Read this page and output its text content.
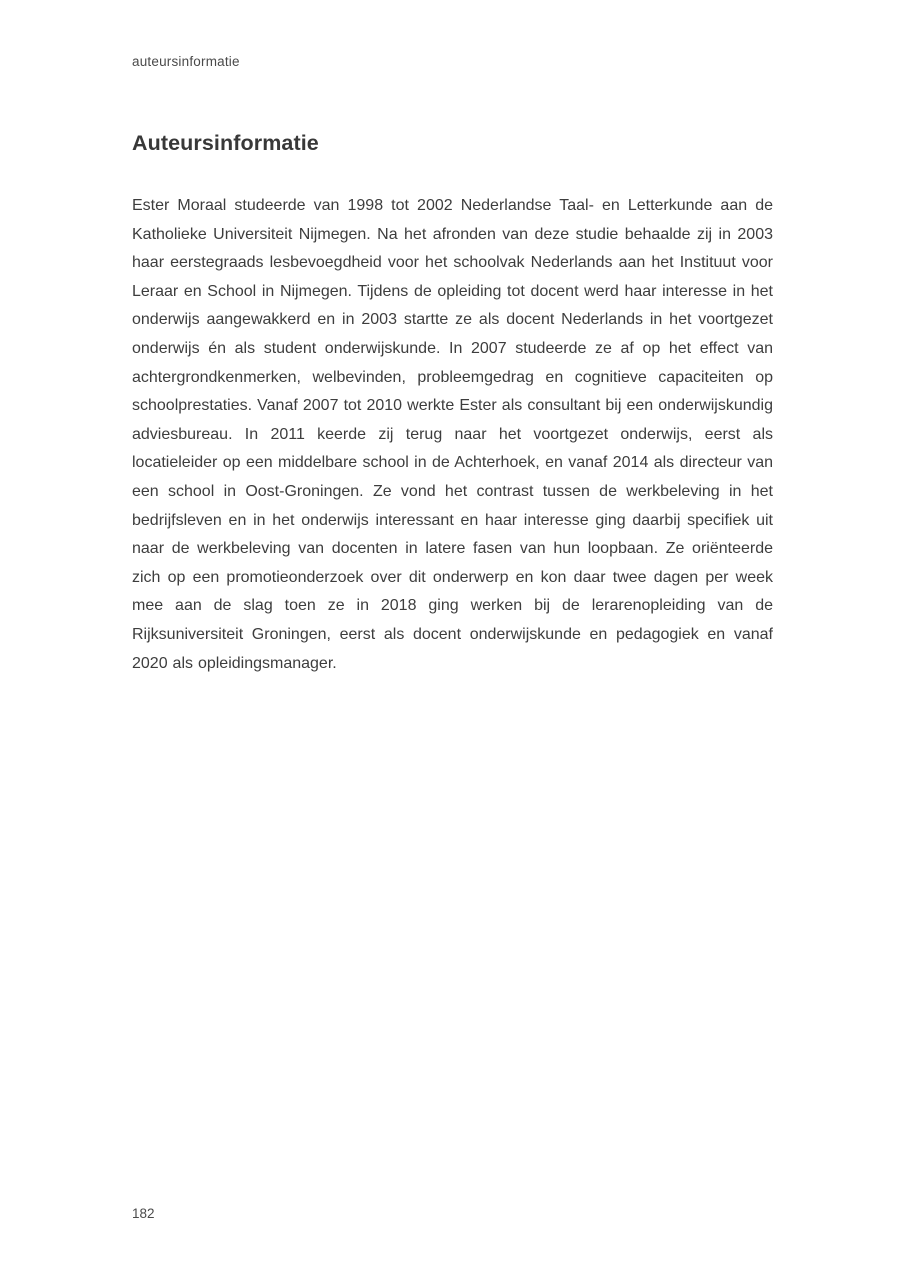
auteursinformatie
Auteursinformatie

Ester Moraal studeerde van 1998 tot 2002 Nederlandse Taal- en Letterkunde aan de Katholieke Universiteit Nijmegen. Na het afronden van deze studie behaalde zij in 2003 haar eerstegraads lesbevoegdheid voor het schoolvak Nederlands aan het Instituut voor Leraar en School in Nijmegen. Tijdens de opleiding tot docent werd haar interesse in het onderwijs aangewakkerd en in 2003 startte ze als docent Nederlands in het voortgezet onderwijs én als student onderwijskunde. In 2007 studeerde ze af op het effect van achtergrondkenmerken, welbevinden, probleemgedrag en cognitieve capaciteiten op schoolprestaties. Vanaf 2007 tot 2010 werkte Ester als consultant bij een onderwijskundig adviesbureau. In 2011 keerde zij terug naar het voortgezet onderwijs, eerst als locatieleider op een middelbare school in de Achterhoek, en vanaf 2014 als directeur van een school in Oost-Groningen. Ze vond het contrast tussen de werkbeleving in het bedrijfsleven en in het onderwijs interessant en haar interesse ging daarbij specifiek uit naar de werkbeleving van docenten in latere fasen van hun loopbaan. Ze oriënteerde zich op een promotieonderzoek over dit onderwerp en kon daar twee dagen per week mee aan de slag toen ze in 2018 ging werken bij de lerarenopleiding van de Rijksuniversiteit Groningen, eerst als docent onderwijskunde en pedagogiek en vanaf 2020 als opleidingsmanager.

182
